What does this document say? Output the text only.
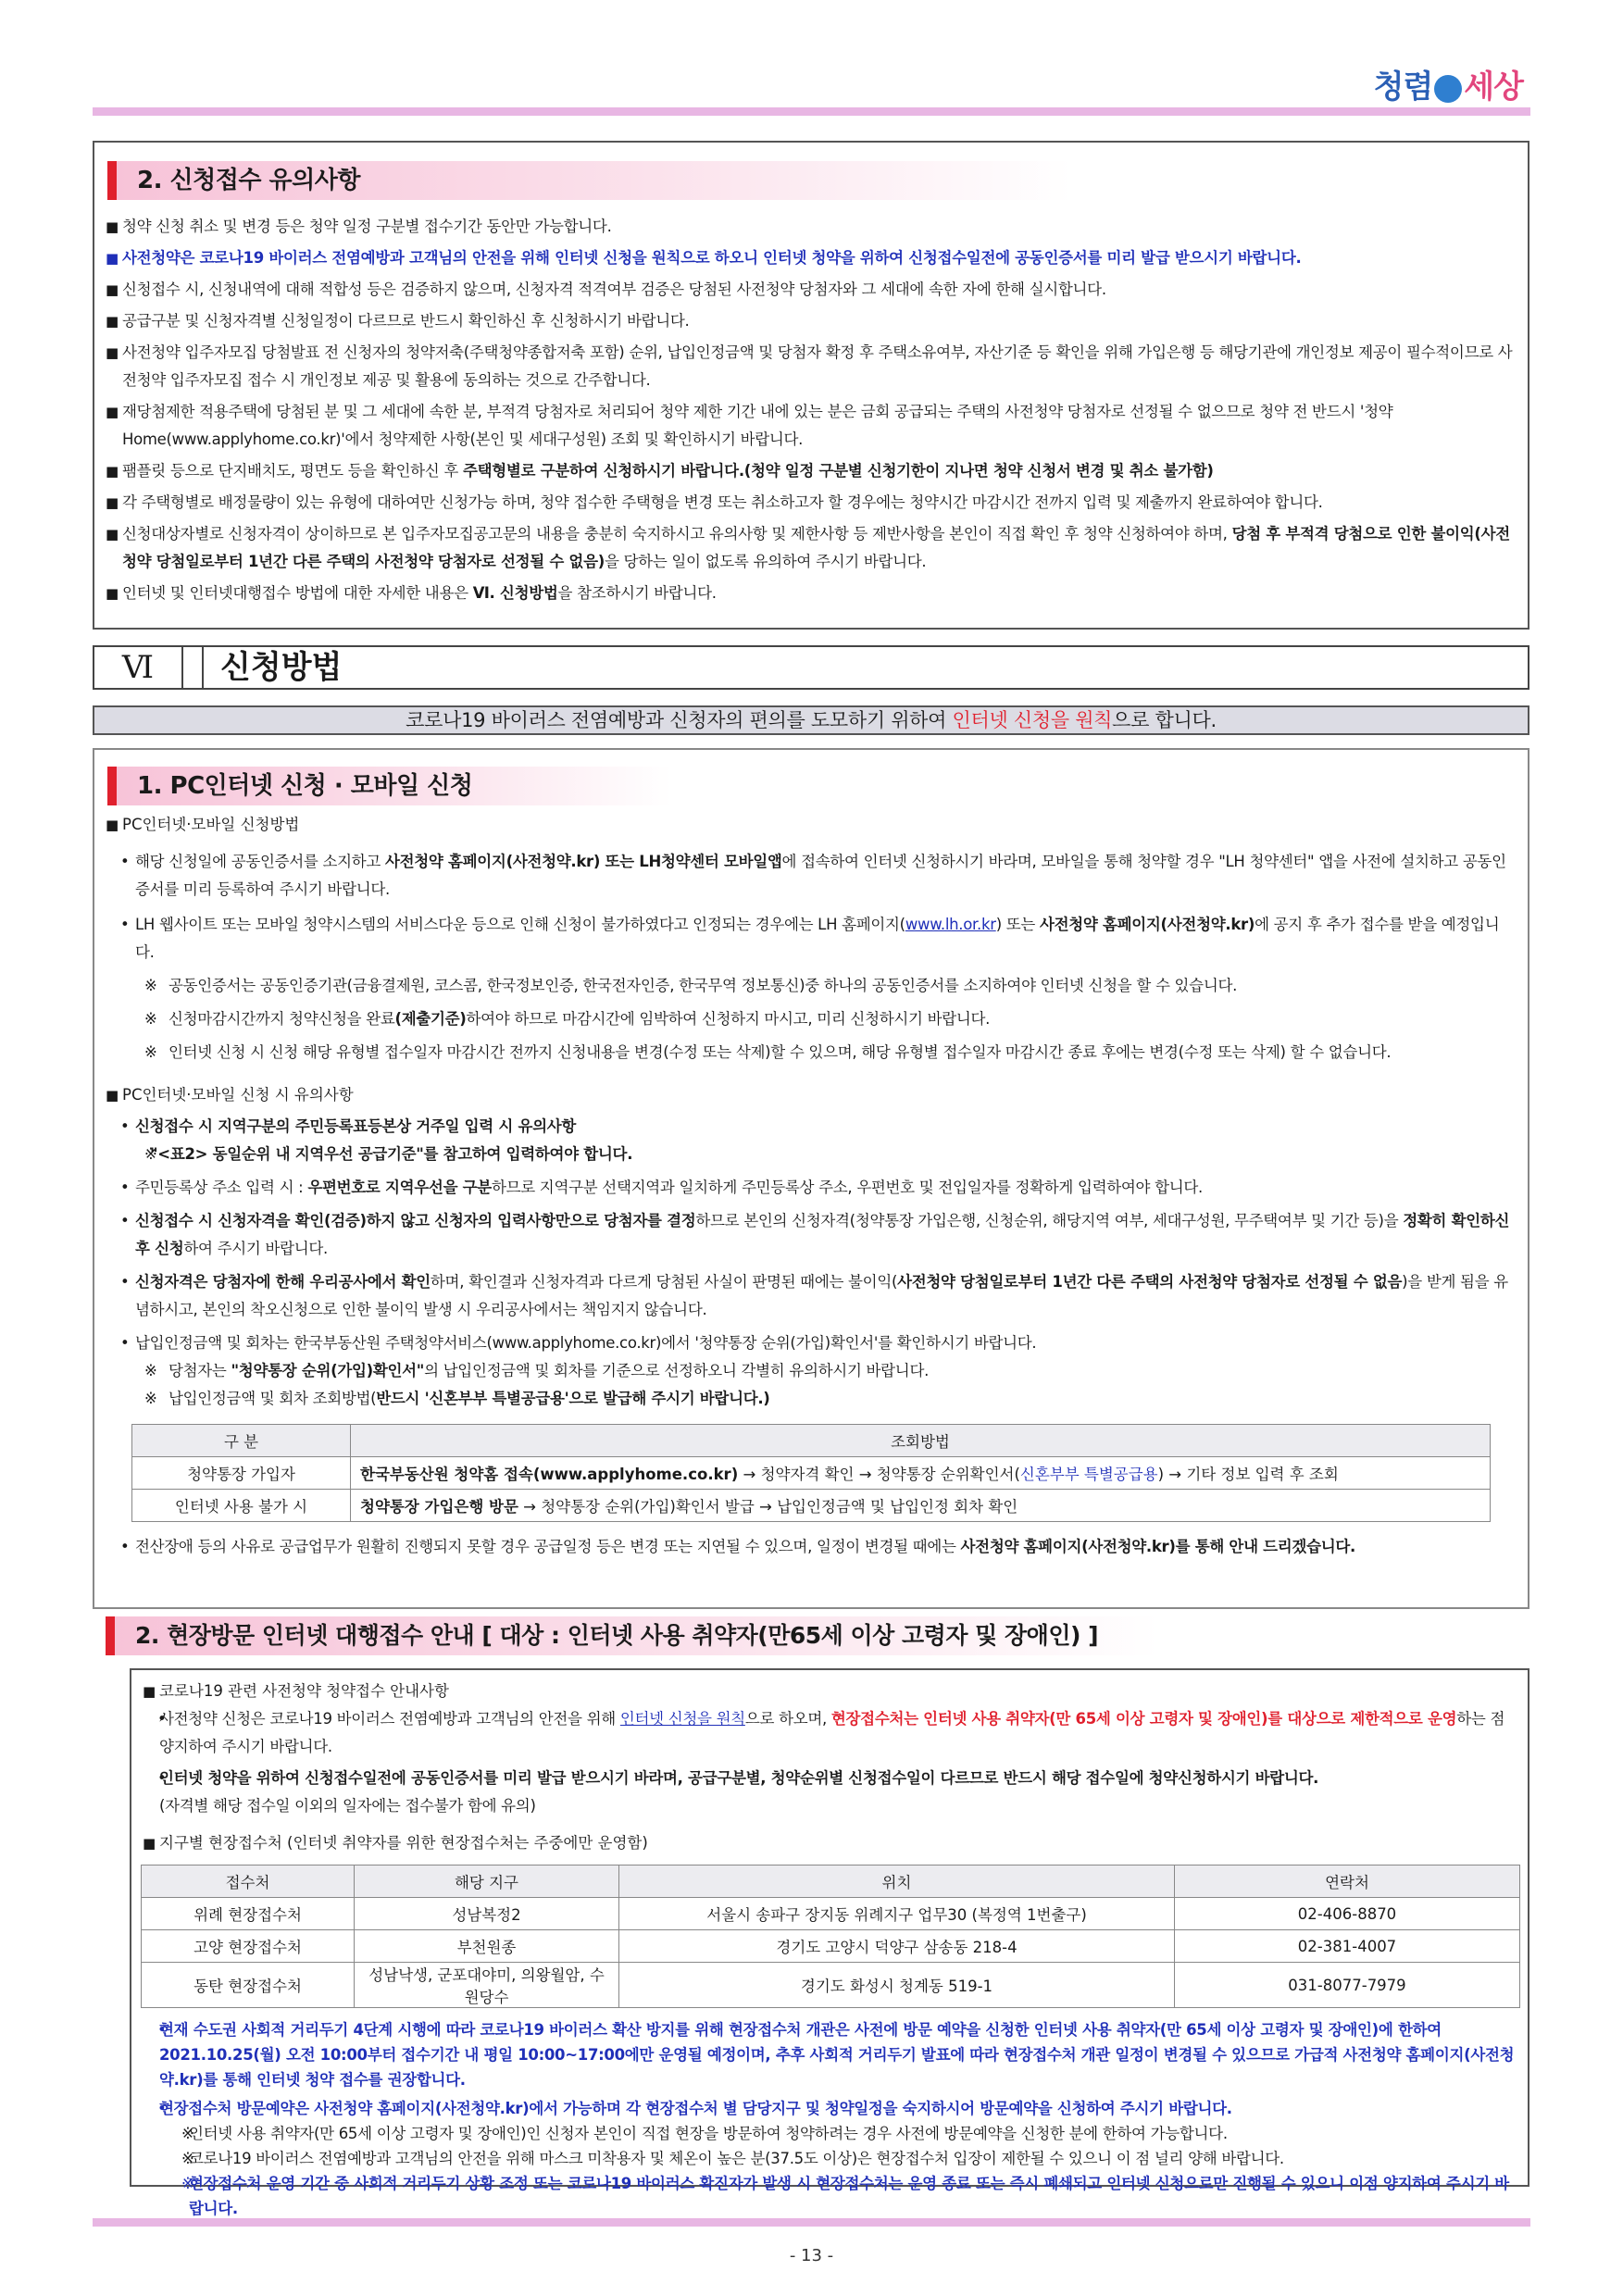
청렴 세상
2. 신청접수 유의사항
■ 청약 신청 취소 및 변경 등은 청약 일정 구분별 접수기간 동안만 가능합니다.
■ 사전청약은 코로나19 바이러스 전염예방과 고객님의 안전을 위해 인터넷 신청을 원칙으로 하오니 인터넷 청약을 위하여 신청접수일전에 공동인증서를 미리 발급 받으시기 바랍니다.
■ 신청접수 시, 신청내역에 대해 적합성 등은 검증하지 않으며, 신청자격 적격여부 검증은 당첨된 사전청약 당첨자와 그 세대에 속한 자에 한해 실시합니다.
■ 공급구분 및 신청자격별 신청일정이 다르므로 반드시 확인하신 후 신청하시기 바랍니다.
■ 사전청약 입주자모집 당첨발표 전 신청자의 청약저축(주택청약종합저축 포함) 순위, 납입인정금액 및 당첨자 확정 후 주택소유여부, 자산기준 등 확인을 위해 가입은행 등 해당기관에 개인정보 제공이 필수적이므로 사전청약 입주자모집 접수 시 개인정보 제공 및 활용에 동의하는 것으로 간주합니다.
■ 재당첨제한 적용주택에 당첨된 분 및 그 세대에 속한 분, 부적격 당첨자로 처리되어 청약 제한 기간 내에 있는 분은 금회 공급되는 주택의 사전청약 당첨자로 선정될 수 없으므로 청약 전 반드시 '청약Home(www.applyhome.co.kr)'에서 청약제한 사항(본인 및 세대구성원) 조회 및 확인하시기 바랍니다.
■ 팸플릿 등으로 단지배치도, 평면도 등을 확인하신 후 주택형별로 구분하여 신청하시기 바랍니다.(청약 일정 구분별 신청기한이 지나면 청약 신청서 변경 및 취소 불가함)
■ 각 주택형별로 배정물량이 있는 유형에 대하여만 신청가능 하며, 청약 접수한 주택형을 변경 또는 취소하고자 할 경우에는 청약시간 마감시간 전까지 입력 및 제출까지 완료하여야 합니다.
■ 신청대상자별로 신청자격이 상이하므로 본 입주자모집공고문의 내용을 충분히 숙지하시고 유의사항 및 제한사항 등 제반사항을 본인이 직접 확인 후 청약 신청하여야 하며, 당첨 후 부적격 당첨으로 인한 불이익(사전청약 당첨일로부터 1년간 다른 주택의 사전청약 당첨자로 선정될 수 없음)을 당하는 일이 없도록 유의하여 주시기 바랍니다.
■ 인터넷 및 인터넷대행접수 방법에 대한 자세한 내용은 Ⅵ. 신청방법을 참조하시기 바랍니다.
Ⅵ	신청방법
코로나19 바이러스 전염예방과 신청자의 편의를 도모하기 위하여 인터넷 신청을 원칙으로 합니다.
1. PC인터넷 신청 · 모바일 신청
■ PC인터넷·모바일 신청방법
• 해당 신청일에 공동인증서를 소지하고 사전청약 홈페이지(사전청약.kr) 또는 LH청약센터 모바일앱에 접속하여 인터넷 신청하시기 바라며, 모바일을 통해 청약할 경우 "LH 청약센터" 앱을 사전에 설치하고 공동인증서를 미리 등록하여 주시기 바랍니다.
• LH 웹사이트 또는 모바일 청약시스템의 서비스다운 등으로 인해 신청이 불가하였다고 인정되는 경우에는 LH 홈페이지(www.lh.or.kr) 또는 사전청약 홈페이지(사전청약.kr)에 공지 후 추가 접수를 받을 예정입니다.
※ 공동인증서는 공동인증기관(금융결제원, 코스콤, 한국정보인증, 한국전자인증, 한국무역 정보통신)중 하나의 공동인증서를 소지하여야 인터넷 신청을 할 수 있습니다.
※ 신청마감시간까지 청약신청을 완료(제출기준)하여야 하므로 마감시간에 임박하여 신청하지 마시고, 미리 신청하시기 바랍니다.
※ 인터넷 신청 시 신청 해당 유형별 접수일자 마감시간 전까지 신청내용을 변경(수정 또는 삭제)할 수 있으며, 해당 유형별 접수일자 마감시간 종료 후에는 변경(수정 또는 삭제) 할 수 없습니다.
■ PC인터넷·모바일 신청 시 유의사항
• 신청접수 시 지역구분의 주민등록표등본상 거주일 입력 시 유의사항
※ "<표2> 동일순위 내 지역우선 공급기준"를 참고하여 입력하여야 합니다.
• 주민등록상 주소 입력 시 : 우편번호로 지역우선을 구분하므로 지역구분 선택지역과 일치하게 주민등록상 주소, 우편번호 및 전입일자를 정확하게 입력하여야 합니다.
• 신청접수 시 신청자격을 확인(검증)하지 않고 신청자의 입력사항만으로 당첨자를 결정하므로 본인의 신청자격(청약통장 가입은행, 신청순위, 해당지역 여부, 세대구성원, 무주택여부 및 기간 등)을 정확히 확인하신 후 신청하여 주시기 바랍니다.
• 신청자격은 당첨자에 한해 우리공사에서 확인하며, 확인결과 신청자격과 다르게 당첨된 사실이 판명된 때에는 불이익(사전청약 당첨일로부터 1년간 다른 주택의 사전청약 당첨자로 선정될 수 없음)을 받게 됨을 유념하시고, 본인의 착오신청으로 인한 불이익 발생 시 우리공사에서는 책임지지 않습니다.
• 납입인정금액 및 회차는 한국부동산원 주택청약서비스(www.applyhome.co.kr)에서 '청약통장 순위(가입)확인서'를 확인하시기 바랍니다.
※ 당첨자는 "청약통장 순위(가입)확인서"의 납입인정금액 및 회차를 기준으로 선정하오니 각별히 유의하시기 바랍니다.
※ 납입인정금액 및 회차 조회방법(반드시 '신혼부부 특별공급용'으로 발급해 주시기 바랍니다.)
구 분	조회방법
청약통장 가입자	한국부동산원 청약홈 접속(www.applyhome.co.kr) → 청약자격 확인 → 청약통장 순위확인서(신혼부부 특별공급용) → 기타 정보 입력 후 조회
인터넷 사용 불가 시	청약통장 가입은행 방문 → 청약통장 순위(가입)확인서 발급 → 납입인정금액 및 납입인정 회차 확인
• 전산장애 등의 사유로 공급업무가 원활히 진행되지 못할 경우 공급일정 등은 변경 또는 지연될 수 있으며, 일정이 변경될 때에는 사전청약 홈페이지(사전청약.kr)를 통해 안내 드리겠습니다.
2. 현장방문 인터넷 대행접수 안내 [ 대상 : 인터넷 사용 취약자(만65세 이상 고령자 및 장애인) ]
■ 코로나19 관련 사전청약 청약접수 안내사항
• 사전청약 신청은 코로나19 바이러스 전염예방과 고객님의 안전을 위해 인터넷 신청을 원칙으로 하오며, 현장접수처는 인터넷 사용 취약자(만 65세 이상 고령자 및 장애인)를 대상으로 제한적으로 운영하는 점 양지하여 주시기 바랍니다.
• 인터넷 청약을 위하여 신청접수일전에 공동인증서를 미리 발급 받으시기 바라며, 공급구분별, 청약순위별 신청접수일이 다르므로 반드시 해당 접수일에 청약신청하시기 바랍니다.
(자격별 해당 접수일 이외의 일자에는 접수불가 함에 유의)
■ 지구별 현장접수처 (인터넷 취약자를 위한 현장접수처는 주중에만 운영함)
접수처	해당 지구	위치	연락처
위례 현장접수처	성남복정2	서울시 송파구 장지동 위례지구 업무30 (복정역 1번출구)	02-406-8870
고양 현장접수처	부천원종	경기도 고양시 덕양구 삼송동 218-4	02-381-4007
동탄 현장접수처	성남낙생, 군포대야미, 의왕월암, 수원당수	경기도 화성시 청계동 519-1	031-8077-7979
• 현재 수도권 사회적 거리두기 4단계 시행에 따라 코로나19 바이러스 확산 방지를 위해 현장접수처 개관은 사전에 방문 예약을 신청한 인터넷 사용 취약자(만 65세 이상 고령자 및 장애인)에 한하여 2021.10.25(월) 오전 10:00부터 접수기간 내 평일 10:00~17:00에만 운영될 예정이며, 추후 사회적 거리두기 발표에 따라 현장접수처 개관 일정이 변경될 수 있으므로 가급적 사전청약 홈페이지(사전청약.kr)를 통해 인터넷 청약 접수를 권장합니다.
• 현장접수처 방문예약은 사전청약 홈페이지(사전청약.kr)에서 가능하며 각 현장접수처 별 담당지구 및 청약일정을 숙지하시어 방문예약을 신청하여 주시기 바랍니다.
※ 인터넷 사용 취약자(만 65세 이상 고령자 및 장애인)인 신청자 본인이 직접 현장을 방문하여 청약하려는 경우 사전에 방문예약을 신청한 분에 한하여 가능합니다.
※ 코로나19 바이러스 전염예방과 고객님의 안전을 위해 마스크 미착용자 및 체온이 높은 분(37.5도 이상)은 현장접수처 입장이 제한될 수 있으니 이 점 널리 양해 바랍니다.
※ 현장접수처 운영 기간 중 사회적 거리두기 상황 조정 또는 코로나19 바이러스 확진자가 발생 시 현장접수처는 운영 종료 또는 즉시 폐쇄되고 인터넷 신청으로만 진행될 수 있으니 이점 양지하여 주시기 바랍니다.
- 13 -
